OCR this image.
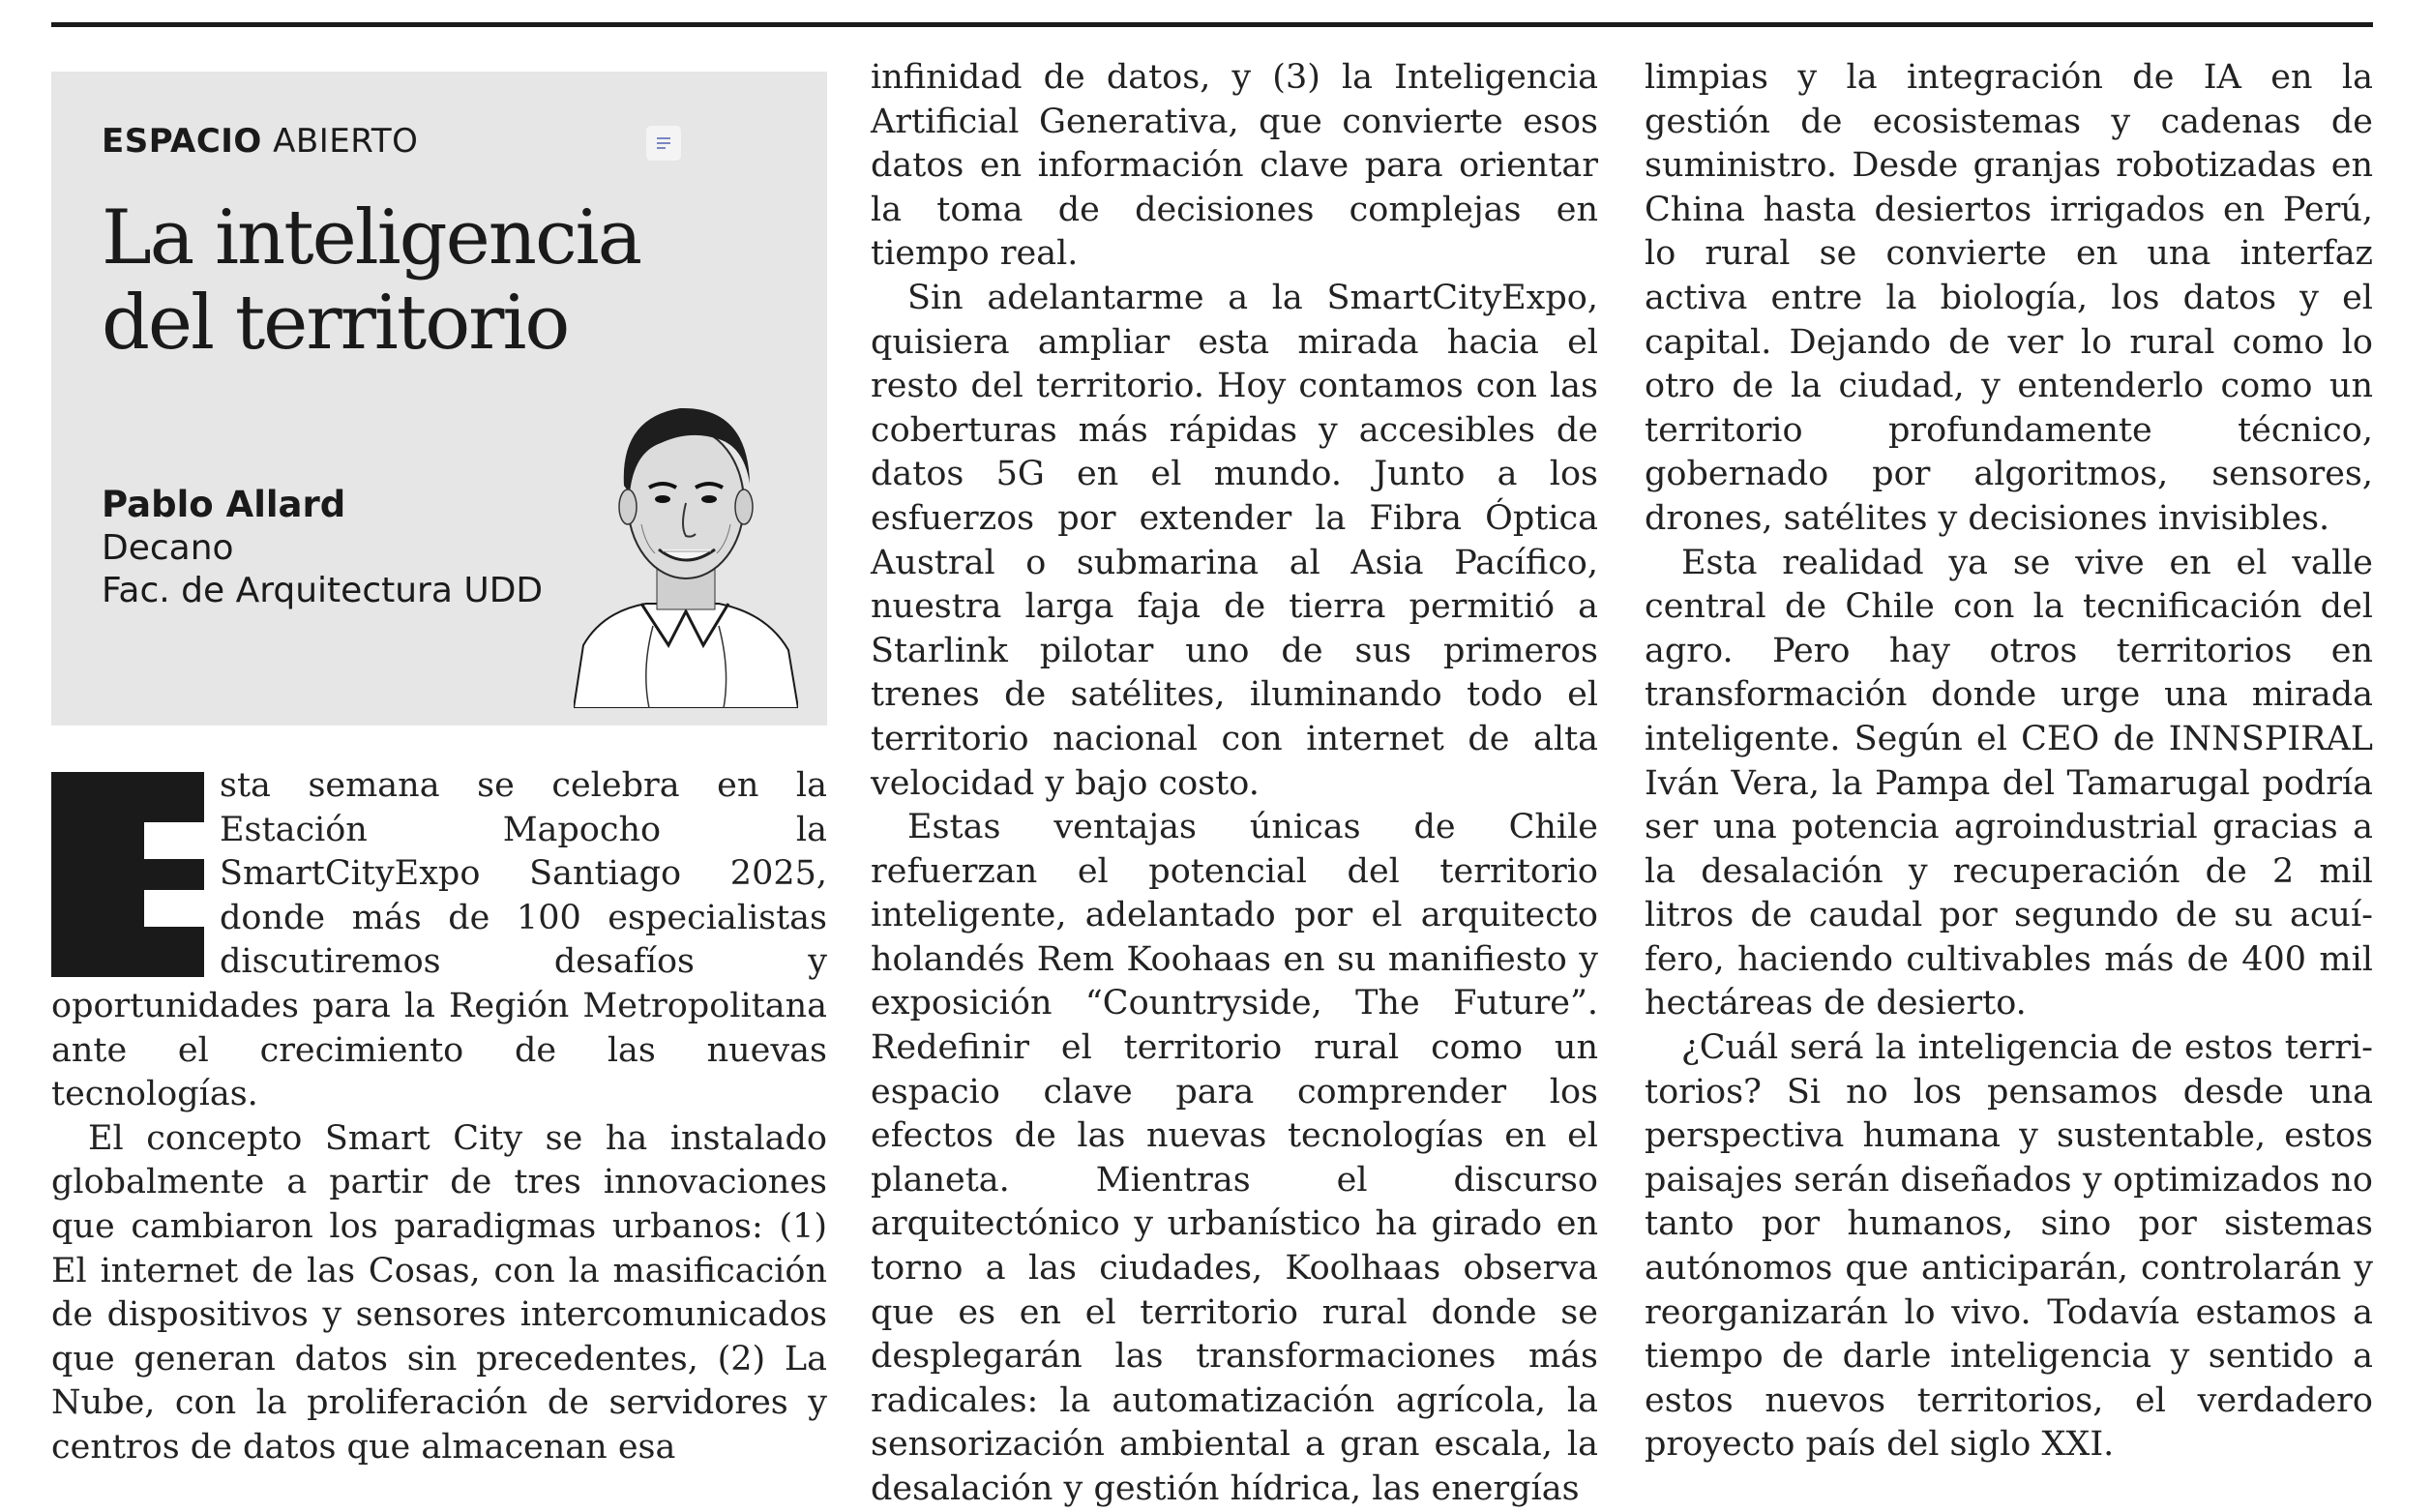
ESPACIO ABIERTO
La inteligencia
del territorio
Pablo Allard
Decano
Fac. de Arquitectura UDD

sta semana se celebra en la Estación Mapocho la SmartCityExpo Santiago 2025, donde más de 100 especialistas discutiremos desafíos y oportunidades para la Región Metropolitana ante el crecimiento de las nuevas tecnologías.

El concepto Smart City se ha instalado globalmente a partir de tres innovaciones que cambiaron los paradigmas urbanos: (1) El internet de las Cosas, con la masificación de dispositivos y sensores intercomunicados que generan datos sin precedentes, (2) La Nube, con la proliferación de servidores y centros de datos que almacenan esa

infinidad de datos, y (3) la Inteligencia Artificial Generativa, que convierte esos datos en información clave para orientar la toma de decisiones complejas en tiempo real.

Sin adelantarme a la SmartCityExpo, quisiera ampliar esta mirada hacia el resto del territorio. Hoy contamos con las coberturas más rápidas y accesibles de datos 5G en el mundo. Junto a los esfuerzos por extender la Fibra Óptica Austral o submarina al Asia Pacífico, nuestra larga faja de tierra permitió a Starlink pilotar uno de sus primeros trenes de satélites, iluminando todo el territorio nacional con internet de alta velocidad y bajo costo.

Estas ventajas únicas de Chile refuerzan el potencial del territorio inteligente, adelantado por el arquitecto holandés Rem Koohaas en su manifiesto y exposición “Countryside, The Future”. Redefinir el territorio rural como un espacio clave para comprender los efectos de las nuevas tecnologías en el planeta. Mientras el discurso arquitectónico y urbanístico ha girado en torno a las ciudades, Koolhaas observa que es en el territorio rural donde se desplegarán las transformaciones más radicales: la automatización agrícola, la sensorización ambiental a gran escala, la desalación y gestión hídrica, las energías

limpias y la integración de IA en la gestión de ecosistemas y cadenas de suministro. Desde granjas robotizadas en China hasta desiertos irrigados en Perú, lo rural se convierte en una interfaz activa entre la biología, los datos y el capital. Dejando de ver lo rural como lo otro de la ciudad, y entenderlo como un territorio profundamente técnico, gobernado por algoritmos, sensores, drones, satélites y decisiones invisibles.

Esta realidad ya se vive en el valle central de Chile con la tecnificación del agro. Pero hay otros territorios en transformación donde urge una mirada inteligente. Según el CEO de INNSPIRAL Iván Vera, la Pampa del Tamarugal podría ser una potencia agroindustrial gracias a la desalación y recuperación de 2 mil litros de caudal por segundo de su acuífero, haciendo cultivables más de 400 mil hectáreas de desierto.

¿Cuál será la inteligencia de estos territorios? Si no los pensamos desde una perspectiva humana y sustentable, estos paisajes serán diseñados y optimizados no tanto por humanos, sino por sistemas autónomos que anticiparán, controlarán y reorganizarán lo vivo. Todavía estamos a tiempo de darle inteligencia y sentido a estos nuevos territorios, el verdadero proyecto país del siglo XXI.
